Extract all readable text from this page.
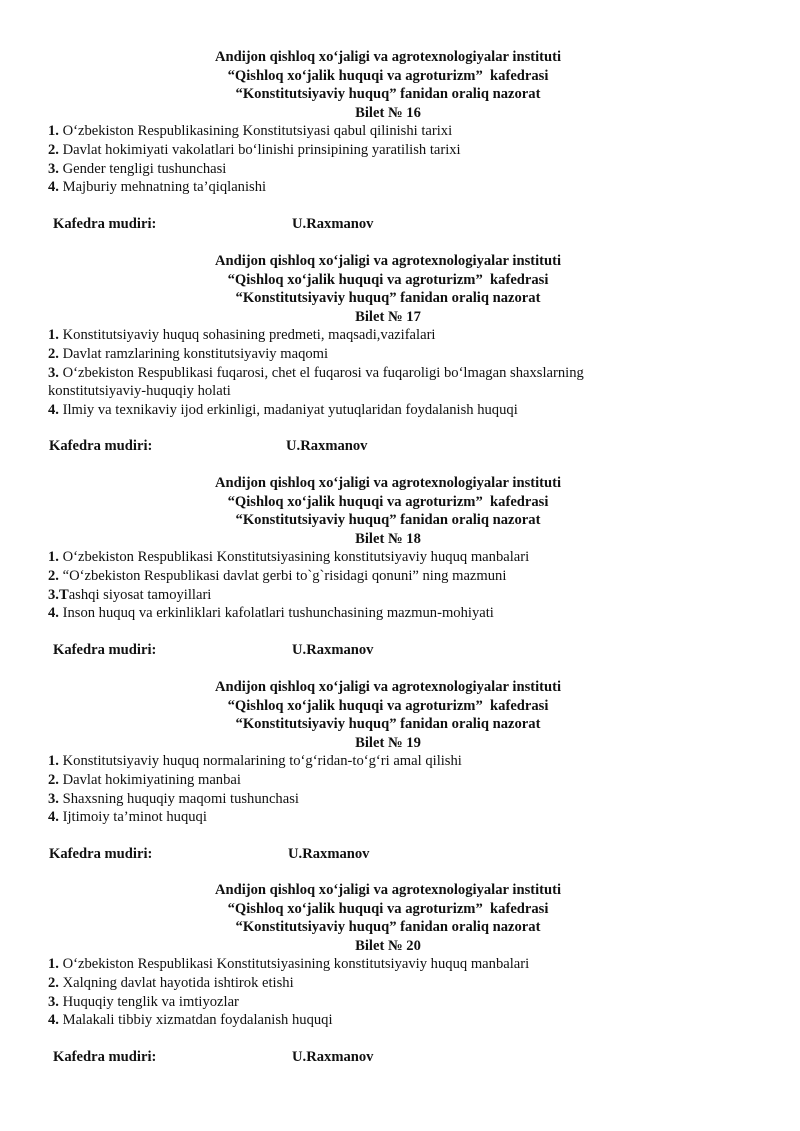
Andijon qishloq xo‘jaligi va agrotexnologiyalar instituti
“Qishloq xo‘jalik huquqi va agroturizm”  kafedrasi
“Konstitutsiyaviy huquq” fanidan oraliq nazorat
Bilet № 16
1. O‘zbekiston Respublikasining Konstitutsiyasi qabul qilinishi tarixi
2. Davlat hokimiyati vakolatlari bo‘linishi prinsipining yaratilish tarixi
3. Gender tengligi tushunchasi
4. Majburiy mehnatning ta’qiqlanishi
Kafedra mudiri:	U.Raxmanov
Andijon qishloq xo‘jaligi va agrotexnologiyalar instituti
“Qishloq xo‘jalik huquqi va agroturizm”  kafedrasi
“Konstitutsiyaviy huquq” fanidan oraliq nazorat
Bilet № 17
1. Konstitutsiyaviy huquq sohasining predmeti, maqsadi,vazifalari
2. Davlat ramzlarining konstitutsiyaviy maqomi
3. O‘zbekiston Respublikasi fuqarosi, chet el fuqarosi va fuqaroligi bo‘lmagan shaxslarning konstitutsiyaviy-huquqiy holati
4. Ilmiy va texnikaviy ijod erkinligi, madaniyat yutuqlaridan foydalanish huquqi
Kafedra mudiri:	U.Raxmanov
Andijon qishloq xo‘jaligi va agrotexnologiyalar instituti
“Qishloq xo‘jalik huquqi va agroturizm”  kafedrasi
“Konstitutsiyaviy huquq” fanidan oraliq nazorat
Bilet № 18
1. O‘zbekiston Respublikasi Konstitutsiyasining konstitutsiyaviy huquq manbalari
2. “O‘zbekiston Respublikasi davlat gerbi to`g`risidagi qonuni” ning mazmuni
3.Tashqi siyosat tamoyillari
4. Inson huquq va erkinliklari kafolatlari tushunchasining mazmun-mohiyati
Kafedra mudiri:	U.Raxmanov
Andijon qishloq xo‘jaligi va agrotexnologiyalar instituti
“Qishloq xo‘jalik huquqi va agroturizm”  kafedrasi
“Konstitutsiyaviy huquq” fanidan oraliq nazorat
Bilet № 19
1. Konstitutsiyaviy huquq normalarining to‘g‘ridan-to‘g‘ri amal qilishi
2. Davlat hokimiyatining manbai
3. Shaxsning huquqiy maqomi tushunchasi
4. Ijtimoiy ta’minot huquqi
Kafedra mudiri:	U.Raxmanov
Andijon qishloq xo‘jaligi va agrotexnologiyalar instituti
“Qishloq xo‘jalik huquqi va agroturizm”  kafedrasi
“Konstitutsiyaviy huquq” fanidan oraliq nazorat
Bilet № 20
1. O‘zbekiston Respublikasi Konstitutsiyasining konstitutsiyaviy huquq manbalari
2. Xalqning davlat hayotida ishtirok etishi
3. Huquqiy tenglik va imtiyozlar
4. Malakali tibbiy xizmatdan foydalanish huquqi
Kafedra mudiri:	U.Raxmanov
